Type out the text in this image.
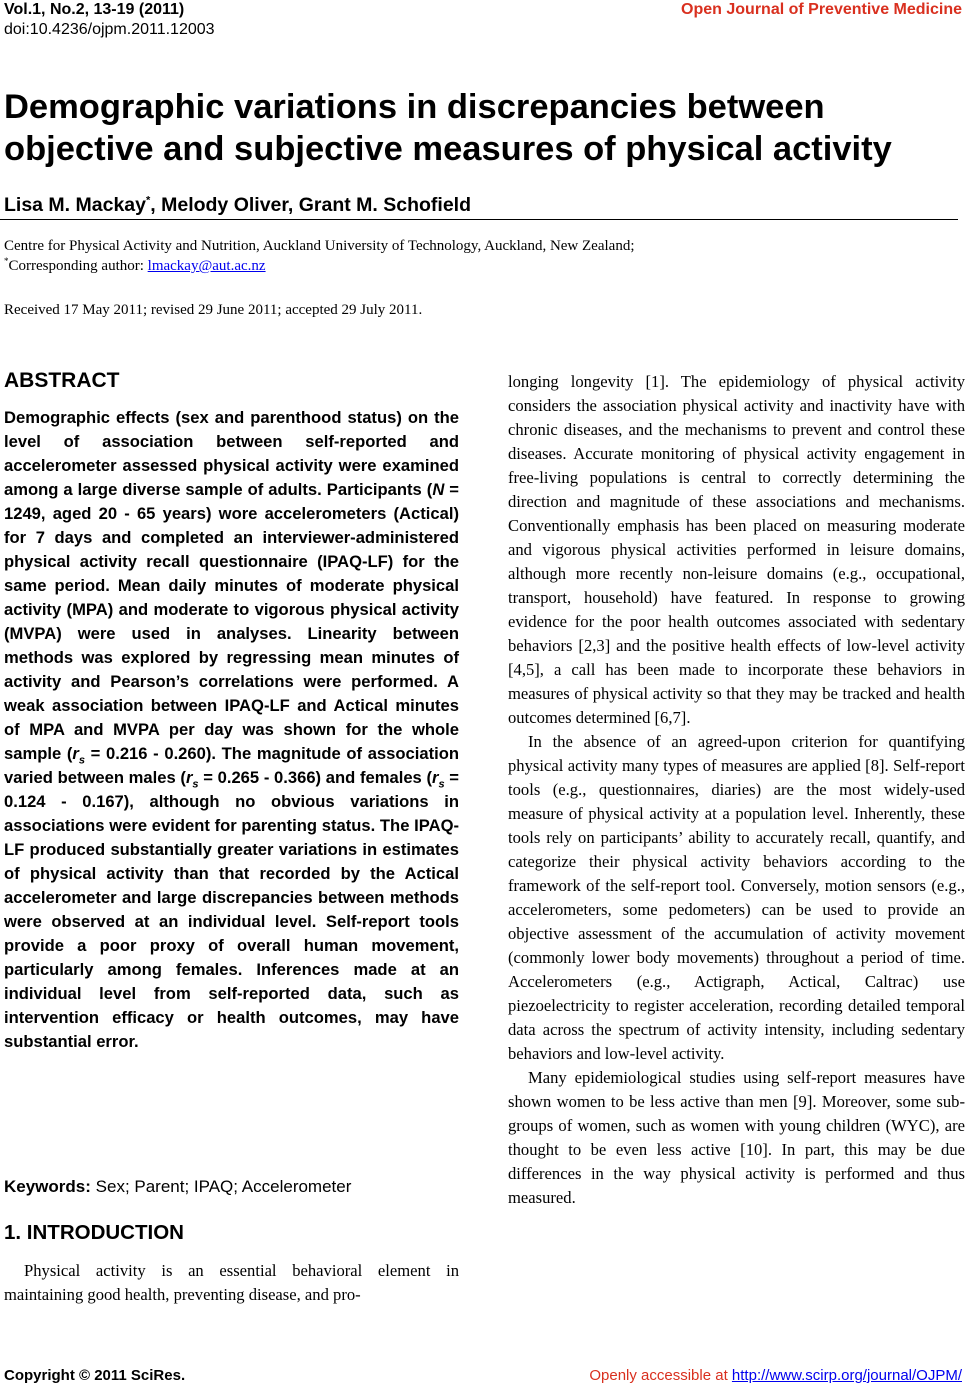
Vol.1, No.2, 13-19 (2011)
doi:10.4236/ojpm.2011.12003
Open Journal of Preventive Medicine
Demographic variations in discrepancies between objective and subjective measures of physical activity
Lisa M. Mackay*, Melody Oliver, Grant M. Schofield
Centre for Physical Activity and Nutrition, Auckland University of Technology, Auckland, New Zealand;
*Corresponding author: lmackay@aut.ac.nz
Received 17 May 2011; revised 29 June 2011; accepted 29 July 2011.
ABSTRACT
Demographic effects (sex and parenthood status) on the level of association between self-reported and accelerometer assessed physical activity were examined among a large diverse sample of adults. Participants (N = 1249, aged 20 - 65 years) wore accelerometers (Actical) for 7 days and completed an interviewer-administered physical activity recall questionnaire (IPAQ-LF) for the same period. Mean daily minutes of moderate physical activity (MPA) and moderate to vigorous physical activity (MVPA) were used in analyses. Linearity between methods was explored by regressing mean minutes of activity and Pearson’s correlations were performed. A weak association between IPAQ-LF and Actical minutes of MPA and MVPA per day was shown for the whole sample $(r_s = 0.216 - 0.260)$. The magnitude of association varied between males $(r_s = 0.265 - 0.366)$ and females $(r_s = 0.124 - 0.167)$, although no obvious variations in associations were evident for parenting status. The IPAQ-LF produced substantially greater variations in estimates of physical activity than that recorded by the Actical accelerometer and large discrepancies between methods were observed at an individual level. Self-report tools provide a poor proxy of overall human movement, particularly among females. Inferences made at an individual level from self-reported data, such as intervention efficacy or health outcomes, may have substantial error.
Keywords: Sex; Parent; IPAQ; Accelerometer
1. INTRODUCTION
Physical activity is an essential behavioral element in maintaining good health, preventing disease, and pro-

longing longevity [1]. The epidemiology of physical activity considers the association physical activity and inactivity have with chronic diseases, and the mechanisms to prevent and control these diseases. Accurate monitoring of physical activity engagement in free-living populations is central to correctly determining the direction and magnitude of these associations and mechanisms. Conventionally emphasis has been placed on measuring moderate and vigorous physical activities performed in leisure domains, although more recently non-leisure domains (e.g., occupational, transport, household) have featured. In response to growing evidence for the poor health outcomes associated with sedentary behaviors [2,3] and the positive health effects of low-level activity [4,5], a call has been made to incorporate these behaviors in measures of physical activity so that they may be tracked and health outcomes determined [6,7].

In the absence of an agreed-upon criterion for quantifying physical activity many types of measures are applied [8]. Self-report tools (e.g., questionnaires, diaries) are the most widely-used measure of physical activity at a population level. Inherently, these tools rely on participants’ ability to accurately recall, quantify, and categorize their physical activity behaviors according to the framework of the self-report tool. Conversely, motion sensors (e.g., accelerometers, some pedometers) can be used to provide an objective assessment of the accumulation of activity movement (commonly lower body movements) throughout a period of time. Accelerometers (e.g., Actigraph, Actical, Caltrac) use piezoelectricity to register acceleration, recording detailed temporal data across the spectrum of activity intensity, including sedentary behaviors and low-level activity.

Many epidemiological studies using self-report measures have shown women to be less active than men [9]. Moreover, some sub-groups of women, such as women with young children (WYC), are thought to be even less active [10]. In part, this may be due differences in the way physical activity is performed and thus measured.

Copyright © 2011 SciRes.	Openly accessible at http://www.scirp.org/journal/OJPM/
